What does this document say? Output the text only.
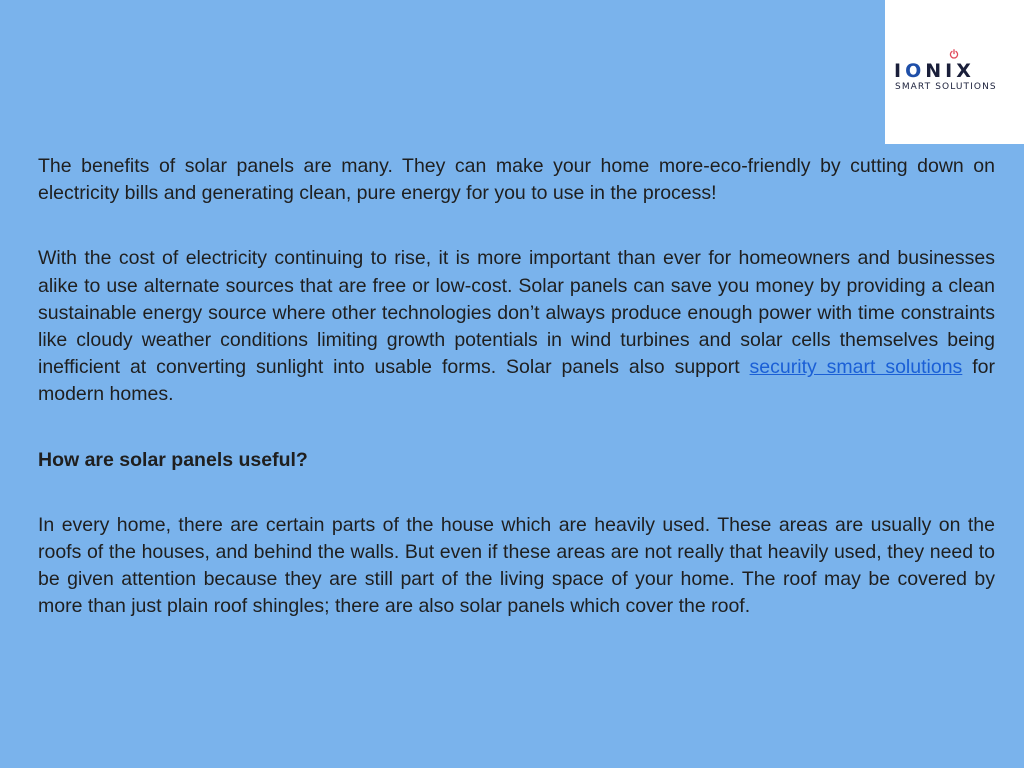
IONIX
SMART SOLUTIONS

The benefits of solar panels are many. They can make your home more-eco-friendly by cutting down on electricity bills and generating clean, pure energy for you to use in the process!

With the cost of electricity continuing to rise, it is more important than ever for homeowners and businesses alike to use alternate sources that are free or low-cost. Solar panels can save you money by providing a clean sustainable energy source where other technologies don’t always produce enough power with time constraints like cloudy weather conditions limiting growth potentials in wind turbines and solar cells themselves being inefficient at converting sunlight into usable forms. Solar panels also support security smart solutions for modern homes.

How are solar panels useful?

In every home, there are certain parts of the house which are heavily used. These areas are usually on the roofs of the houses, and behind the walls. But even if these areas are not really that heavily used, they need to be given attention because they are still part of the living space of your home. The roof may be covered by more than just plain roof shingles; there are also solar panels which cover the roof.
